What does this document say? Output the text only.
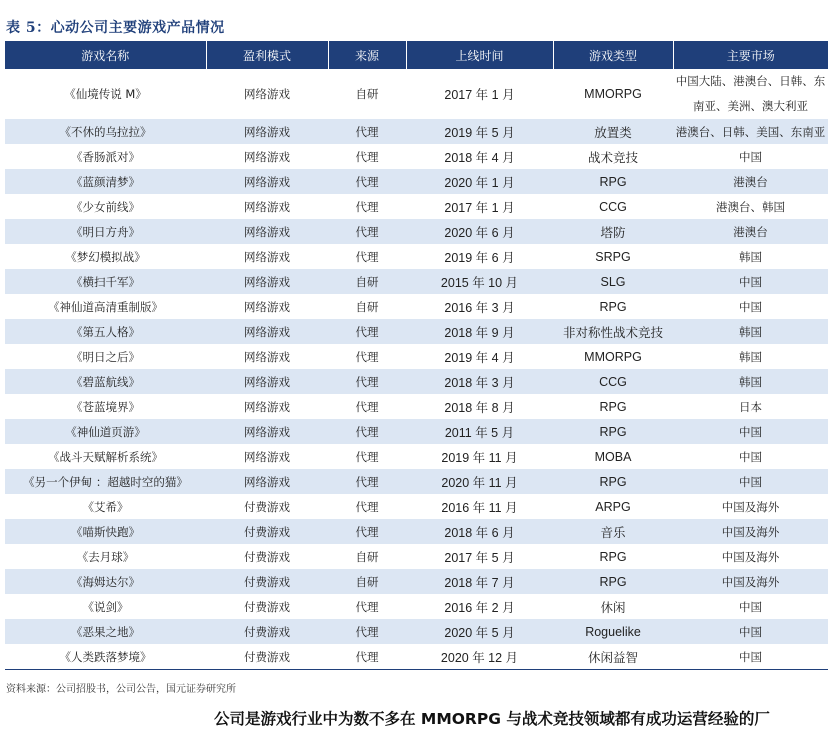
表 5：心动公司主要游戏产品情况
游戏名称	盈利模式	来源	上线时间	游戏类型	主要市场
《仙境传说 M》	网络游戏	自研	2017 年 1 月	MMORPG	中国大陆、港澳台、日韩、东南亚、美洲、澳大利亚
《不休的乌拉拉》	网络游戏	代理	2019 年 5 月	放置类	港澳台、日韩、美国、东南亚
《香肠派对》	网络游戏	代理	2018 年 4 月	战术竞技	中国
《蓝颜清梦》	网络游戏	代理	2020 年 1 月	RPG	港澳台
《少女前线》	网络游戏	代理	2017 年 1 月	CCG	港澳台、韩国
《明日方舟》	网络游戏	代理	2020 年 6 月	塔防	港澳台
《梦幻模拟战》	网络游戏	代理	2019 年 6 月	SRPG	韩国
《横扫千军》	网络游戏	自研	2015 年 10 月	SLG	中国
《神仙道高清重制版》	网络游戏	自研	2016 年 3 月	RPG	中国
《第五人格》	网络游戏	代理	2018 年 9 月	非对称性战术竞技	韩国
《明日之后》	网络游戏	代理	2019 年 4 月	MMORPG	韩国
《碧蓝航线》	网络游戏	代理	2018 年 3 月	CCG	韩国
《苍蓝境界》	网络游戏	代理	2018 年 8 月	RPG	日本
《神仙道页游》	网络游戏	代理	2011 年 5 月	RPG	中国
《战斗天赋解析系统》	网络游戏	代理	2019 年 11 月	MOBA	中国
《另一个伊甸 ：超越时空的猫》	网络游戏	代理	2020 年 11 月	RPG	中国
《艾希》	付费游戏	代理	2016 年 11 月	ARPG	中国及海外
《喵斯快跑》	付费游戏	代理	2018 年 6 月	音乐	中国及海外
《去月球》	付费游戏	自研	2017 年 5 月	RPG	中国及海外
《海姆达尔》	付费游戏	自研	2018 年 7 月	RPG	中国及海外
《说剑》	付费游戏	代理	2016 年 2 月	休闲	中国
《恶果之地》	付费游戏	代理	2020 年 5 月	Roguelike	中国
《人类跌落梦境》	付费游戏	代理	2020 年 12 月	休闲益智	中国
资料来源：公司招股书，公司公告，国元证券研究所
公司是游戏行业中为数不多在 MMORPG 与战术竞技领域都有成功运营经验的厂
